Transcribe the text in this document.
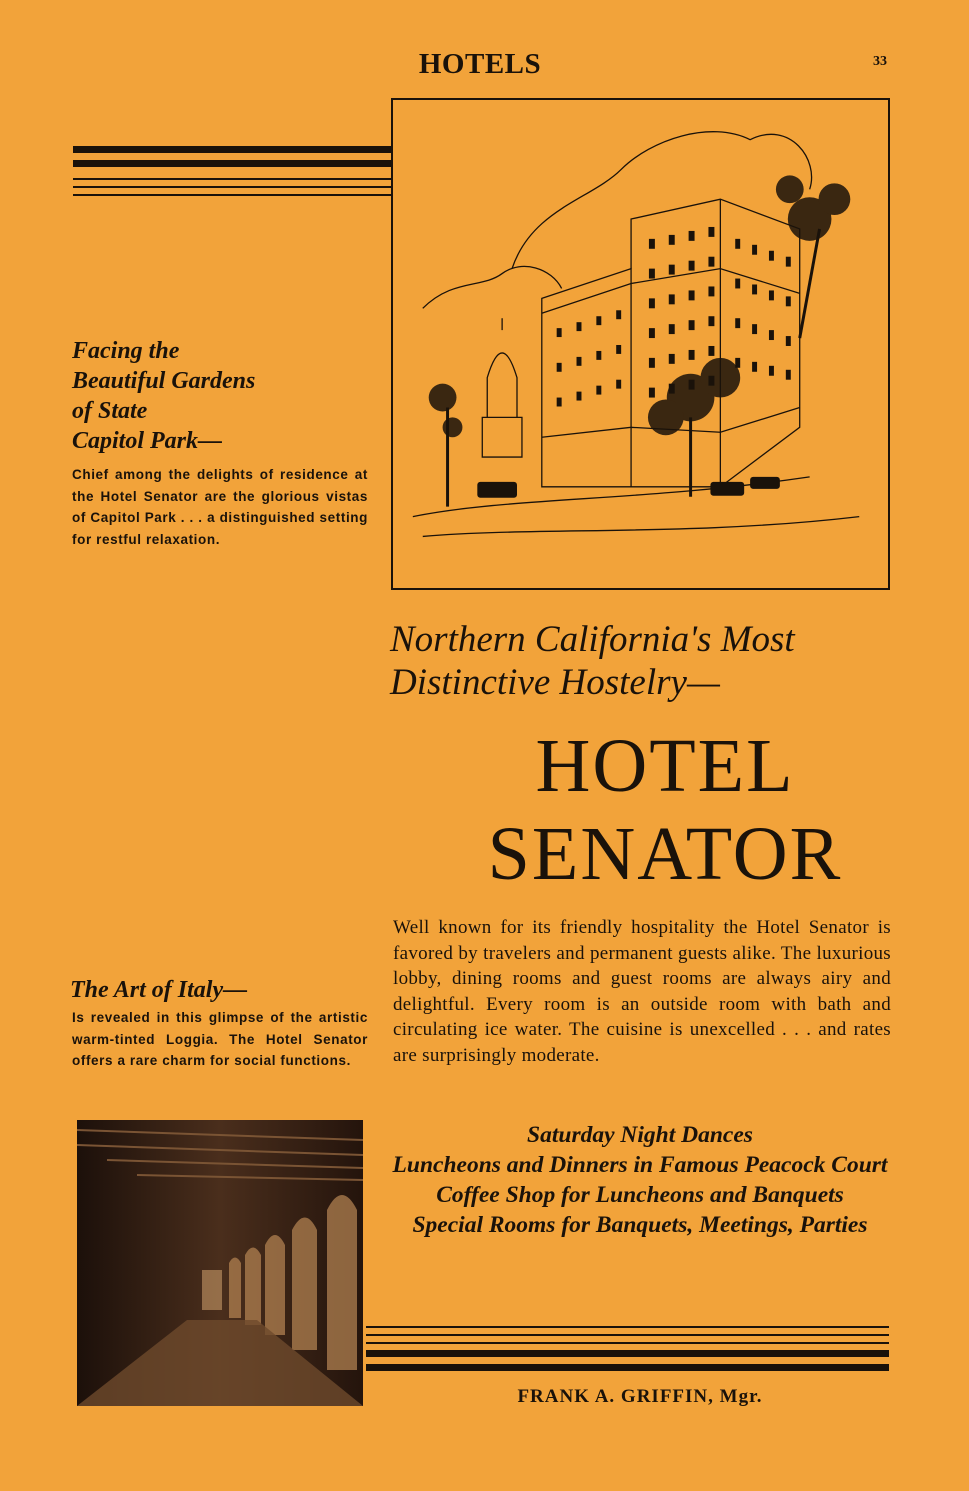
HOTELS	33
Facing the
Beautiful Gardens
of State
Capitol Park—
Chief among the delights of residence at the Hotel Senator are the glorious vistas of Capitol Park . . . a distinguished setting for restful relaxation.
Northern California's Most
Distinctive Hostelry—
HOTEL
SENATOR
Well known for its friendly hospitality the Hotel Senator is favored by travelers and permanent guests alike. The luxurious lobby, dining rooms and guest rooms are always airy and delightful. Every room is an outside room with bath and circulating ice water. The cuisine is unexcelled . . . and rates are surprisingly moderate.
The Art of Italy—
Is revealed in this glimpse of the artistic warm-tinted Loggia. The Hotel Senator offers a rare charm for social functions.
Saturday Night Dances
Luncheons and Dinners in Famous Peacock Court
Coffee Shop for Luncheons and Banquets
Special Rooms for Banquets, Meetings, Parties
FRANK A. GRIFFIN, Mgr.
